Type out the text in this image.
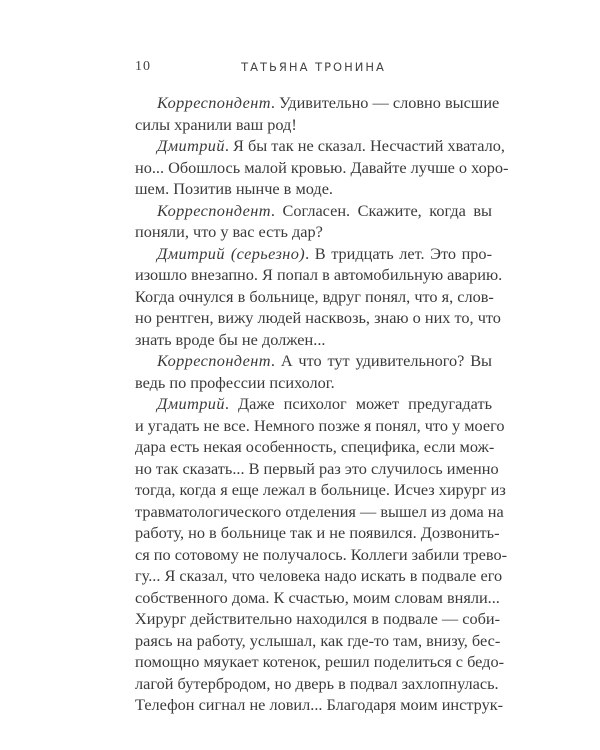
10	ТАТЬЯНА ТРОНИНА
Корреспондент. Удивительно — словно высшие
силы хранили ваш род!
Дмитрий. Я бы так не сказал. Несчастий хватало,
но... Обошлось малой кровью. Давайте лучше о хоро-
шем. Позитив нынче в моде.
Корреспондент. Согласен. Скажите, когда вы
поняли, что у вас есть дар?
Дмитрий (серьезно). В тридцать лет. Это про-
изошло внезапно. Я попал в автомобильную аварию.
Когда очнулся в больнице, вдруг понял, что я, слов-
но рентген, вижу людей насквозь, знаю о них то, что
знать вроде бы не должен...
Корреспондент. А что тут удивительного? Вы
ведь по профессии психолог.
Дмитрий. Даже психолог может предугадать
и угадать не все. Немного позже я понял, что у моего
дара есть некая особенность, специфика, если мож-
но так сказать... В первый раз это случилось именно
тогда, когда я еще лежал в больнице. Исчез хирург из
травматологического отделения — вышел из дома на
работу, но в больнице так и не появился. Дозвонить-
ся по сотовому не получалось. Коллеги забили трево-
гу... Я сказал, что человека надо искать в подвале его
собственного дома. К счастью, моим словам вняли...
Хирург действительно находился в подвале — соби-
раясь на работу, услышал, как где-то там, внизу, бес-
помощно мяукает котенок, решил поделиться с бедо-
лагой бутербродом, но дверь в подвал захлопнулась.
Телефон сигнал не ловил... Благодаря моим инструк-
